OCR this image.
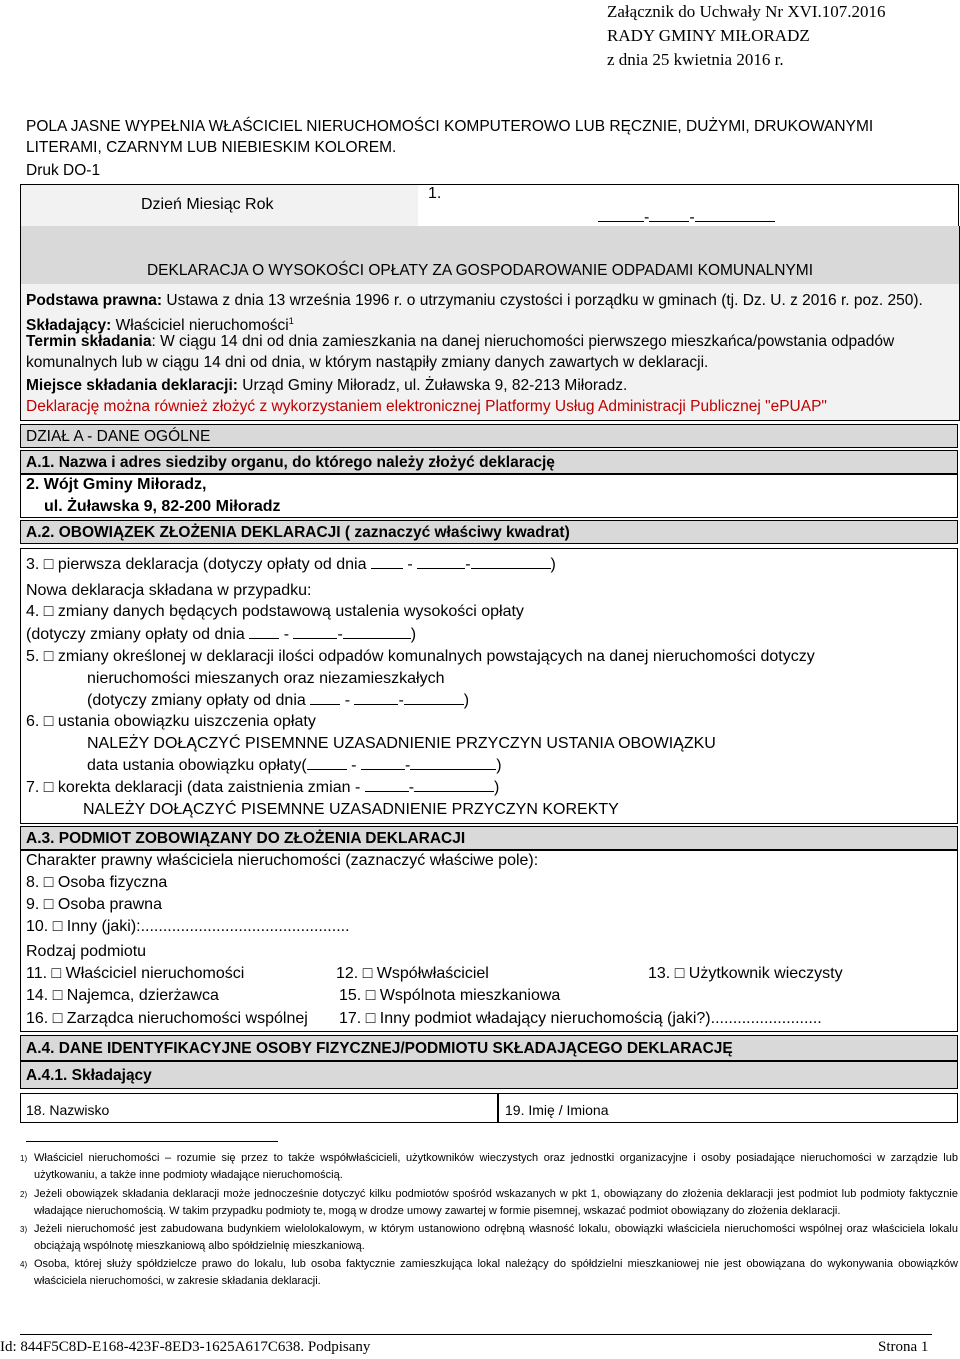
Załącznik do Uchwały Nr XVI.107.2016
RADY GMINY MIŁORADZ
z dnia 25 kwietnia 2016 r.
POLA JASNE WYPEŁNIA WŁAŚCICIEL NIERUCHOMOŚCI KOMPUTEROWO LUB RĘCZNIE, DUŻYMI, DRUKOWANYMI LITERAMI, CZARNYM LUB NIEBIESKIM KOLOREM.
Druk DO-1
Dzień Miesiąc Rok
1.
-	-
DEKLARACJA O WYSOKOŚCI OPŁATY ZA GOSPODAROWANIE ODPADAMI KOMUNALNYMI
Podstawa prawna: Ustawa z dnia 13 września 1996 r. o utrzymaniu czystości i porządku w gminach (tj. Dz. U. z 2016 r. poz. 250).
Składający: Właściciel nieruchomości$^1$
Termin składania: W ciągu 14 dni od dnia zamieszkania na danej nieruchomości pierwszego mieszkańca/powstania odpadów komunalnych lub w ciągu 14 dni od dnia, w którym nastąpiły zmiany danych zawartych w deklaracji.
Miejsce składania deklaracji: Urząd Gminy Miłoradz, ul. Żuławska 9, 82-213 Miłoradz.
Deklarację można również złożyć z wykorzystaniem elektronicznej Platformy Usług Administracji Publicznej "ePUAP"
DZIAŁ A - DANE OGÓLNE
A.1. Nazwa i adres siedziby organu, do którego należy złożyć deklarację
2. Wójt Gminy Miłoradz,
ul. Żuławska 9, 82-200 Miłoradz
A.2. OBOWIĄZEK ZŁOŻENIA DEKLARACJI ( zaznaczyć właściwy kwadrat)
3. □ pierwsza deklaracja (dotyczy opłaty od dnia	-	-	)
Nowa deklaracja składana w przypadku:
4. □ zmiany danych będących podstawową ustalenia wysokości opłaty
(dotyczy zmiany opłaty od dnia -	-	)
5. □ zmiany określonej w deklaracji ilości odpadów komunalnych powstających na danej nieruchomości dotyczy
nieruchomości mieszanych oraz niezamieszkałych
(dotyczy zmiany opłaty od dnia -	-	)
6. □ ustania obowiązku uiszczenia opłaty
NALEŻY DOŁĄCZYĆ PISEMNNE UZASADNIENIE PRZYCZYN USTANIA OBOWIĄZKU
data ustania obowiązku opłaty(	-	-	)
7. □ korekta deklaracji (data zaistnienia zmian -	-	)
NALEŻY DOŁĄCZYĆ PISEMNNE UZASADNIENIE PRZYCZYN KOREKTY
A.3. PODMIOT ZOBOWIĄZANY DO ZŁOŻENIA DEKLARACJI
Charakter prawny właściciela nieruchomości (zaznaczyć właściwe pole):
8. □ Osoba fizyczna
9. □ Osoba prawna
10. □ Inny (jaki):...............................................
Rodzaj podmiotu
11. □ Właściciel nieruchomości	12. □ Współwłaściciel	13. □ Użytkownik wieczysty
14. □ Najemca, dzierżawca	15. □ Wspólnota mieszkaniowa
16. □ Zarządca nieruchomości wspólnej 17. □ Inny podmiot władający nieruchomością (jaki?).........................
A.4. DANE IDENTYFIKACYJNE OSOBY FIZYCZNEJ/PODMIOTU SKŁADAJĄCEGO DEKLARACJĘ
A.4.1. Składający
18. Nazwisko	19. Imię / Imiona
1) Właściciel nieruchomości – rozumie się przez to także współwłaścicieli, użytkowników wieczystych oraz jednostki organizacyjne i osoby posiadające nieruchomości w zarządzie lub użytkowaniu, a także inne podmioty władające nieruchomością.
2) Jeżeli obowiązek składania deklaracji może jednocześnie dotyczyć kilku podmiotów spośród wskazanych w pkt 1, obowiązany do złożenia deklaracji jest podmiot lub podmioty faktycznie władające nieruchomością. W takim przypadku podmioty te, mogą w drodze umowy zawartej w formie pisemnej, wskazać podmiot obowiązany do złożenia deklaracji.
3) Jeżeli nieruchomość jest zabudowana budynkiem wielolokalowym, w którym ustanowiono odrębną własność lokalu, obowiązki właściciela nieruchomości wspólnej oraz właściciela lokalu obciążają wspólnotę mieszkaniową albo spółdzielnię mieszkaniową.
4) Osoba, której służy spółdzielcze prawo do lokalu, lub osoba faktycznie zamieszkująca lokal należący do spółdzielni mieszkaniowej nie jest obowiązana do wykonywania obowiązków właściciela nieruchomości, w zakresie składania deklaracji.
Id: 844F5C8D-E168-423F-8ED3-1625A617C638. Podpisany	Strona 1
